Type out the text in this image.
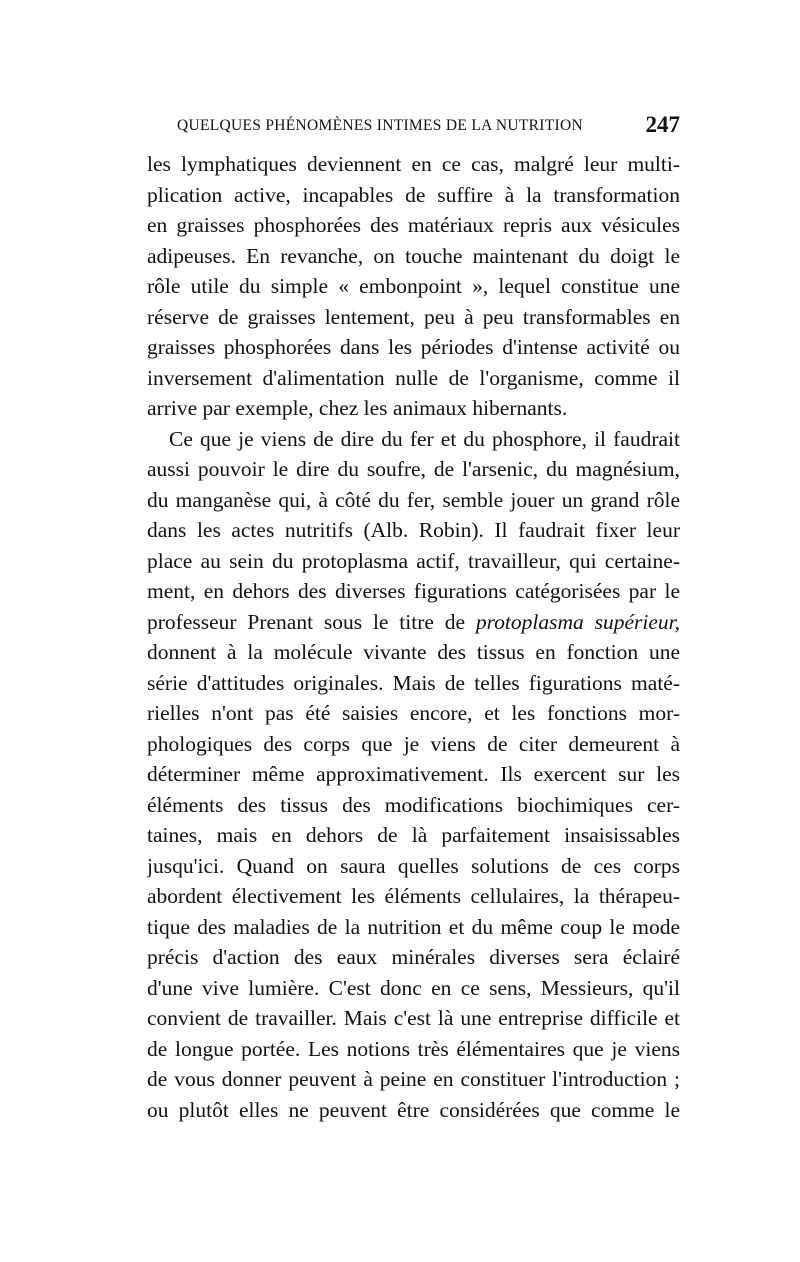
QUELQUES PHÉNOMÈNES INTIMES DE LA NUTRITION	247
les lymphatiques deviennent en ce cas, malgré leur multi-
plication active, incapables de suffire à la transformation
en graisses phosphorées des matériaux repris aux vésicules
adipeuses. En revanche, on touche maintenant du doigt le
rôle utile du simple « embonpoint », lequel constitue une
réserve de graisses lentement, peu à peu transformables en
graisses phosphorées dans les périodes d'intense activité ou
inversement d'alimentation nulle de l'organisme, comme il
arrive par exemple, chez les animaux hibernants.
Ce que je viens de dire du fer et du phosphore, il faudrait
aussi pouvoir le dire du soufre, de l'arsenic, du magnésium,
du manganèse qui, à côté du fer, semble jouer un grand rôle
dans les actes nutritifs (Alb. Robin). Il faudrait fixer leur
place au sein du protoplasma actif, travailleur, qui certaine-
ment, en dehors des diverses figurations catégorisées par le
professeur Prenant sous le titre de protoplasma supérieur,
donnent à la molécule vivante des tissus en fonction une
série d'attitudes originales. Mais de telles figurations maté-
rielles n'ont pas été saisies encore, et les fonctions mor-
phologiques des corps que je viens de citer demeurent à
déterminer même approximativement. Ils exercent sur les
éléments des tissus des modifications biochimiques cer-
taines, mais en dehors de là parfaitement insaisissables
jusqu'ici. Quand on saura quelles solutions de ces corps
abordent électivement les éléments cellulaires, la thérapeu-
tique des maladies de la nutrition et du même coup le mode
précis d'action des eaux minérales diverses sera éclairé
d'une vive lumière. C'est donc en ce sens, Messieurs, qu'il
convient de travailler. Mais c'est là une entreprise difficile et
de longue portée. Les notions très élémentaires que je viens
de vous donner peuvent à peine en constituer l'introduction ;
ou plutôt elles ne peuvent être considérées que comme le
